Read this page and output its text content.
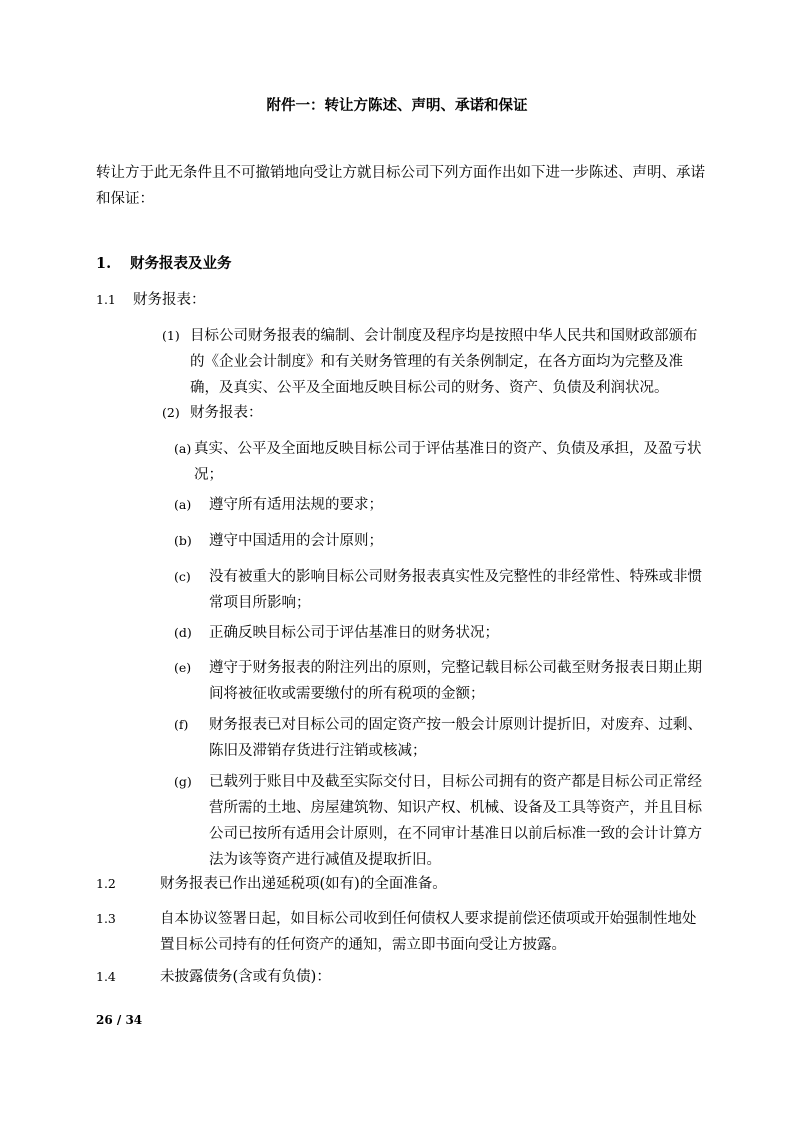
附件一：转让方陈述、声明、承诺和保证
转让方于此无条件且不可撤销地向受让方就目标公司下列方面作出如下进一步陈述、声明、承诺和保证：
1. 财务报表及业务
1.1 财务报表：
(1) 目标公司财务报表的编制、会计制度及程序均是按照中华人民共和国财政部颁布的《企业会计制度》和有关财务管理的有关条例制定，在各方面均为完整及准确，及真实、公平及全面地反映目标公司的财务、资产、负债及利润状况。
(2) 财务报表：
(a) 真实、公平及全面地反映目标公司于评估基准日的资产、负债及承担，及盈亏状况；
(a) 遵守所有适用法规的要求；
(b) 遵守中国适用的会计原则；
(c) 没有被重大的影响目标公司财务报表真实性及完整性的非经常性、特殊或非惯常项目所影响；
(d) 正确反映目标公司于评估基准日的财务状况；
(e) 遵守于财务报表的附注列出的原则，完整记载目标公司截至财务报表日期止期间将被征收或需要缴付的所有税项的金额；
(f) 财务报表已对目标公司的固定资产按一般会计原则计提折旧，对废弃、过剩、陈旧及滞销存货进行注销或核减；
(g) 已载列于账目中及截至实际交付日，目标公司拥有的资产都是目标公司正常经营所需的土地、房屋建筑物、知识产权、机械、设备及工具等资产，并且目标公司已按所有适用会计原则，在不同审计基准日以前后标准一致的会计计算方法为该等资产进行减值及提取折旧。
1.2	财务报表已作出递延税项(如有)的全面准备。
1.3	自本协议签署日起，如目标公司收到任何债权人要求提前偿还债项或开始强制性地处置目标公司持有的任何资产的通知，需立即书面向受让方披露。
1.4	未披露债务(含或有负债)：
26 / 34
